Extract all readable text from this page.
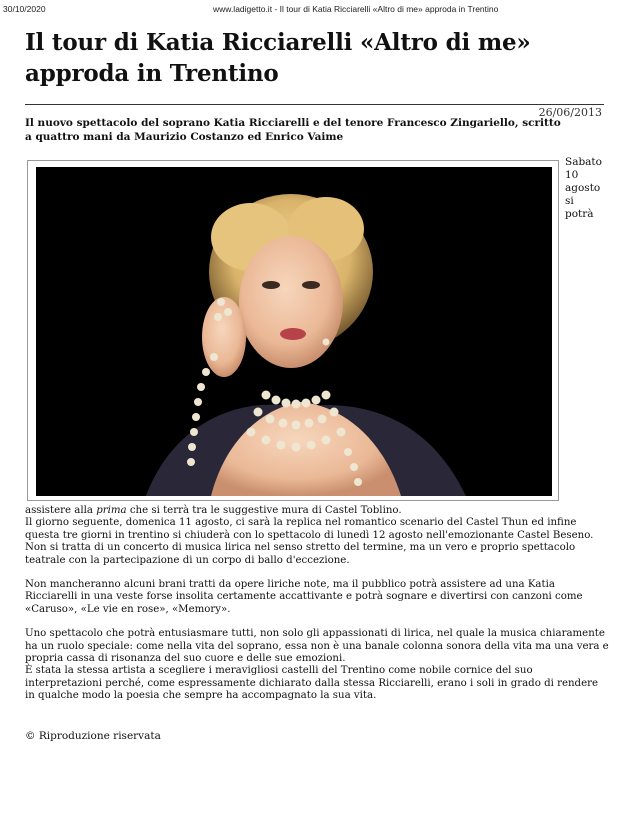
30/10/2020	www.ladigetto.it - Il tour di Katia Ricciarelli «Altro di me» approda in Trentino
Il tour di Katia Ricciarelli «Altro di me» approda in Trentino
26/06/2013

Il nuovo spettacolo del soprano Katia Ricciarelli e del tenore Francesco Zingariello, scritto a quattro mani da Maurizio Costanzo ed Enrico Vaime

Sabato
10
agosto
si
potrà

assistere alla prima che si terrà tra le suggestive mura di Castel Toblino.

Il giorno seguente, domenica 11 agosto, ci sarà la replica nel romantico scenario del Castel Thun ed infine questa tre giorni in trentino si chiuderà con lo spettacolo di lunedì 12 agosto nell'emozionante Castel Beseno.

Non si tratta di un concerto di musica lirica nel senso stretto del termine, ma un vero e proprio spettacolo teatrale con la partecipazione di un corpo di ballo d'eccezione.

Non mancheranno alcuni brani tratti da opere liriche note, ma il pubblico potrà assistere ad una Katia Ricciarelli in una veste forse insolita certamente accattivante e potrà sognare e divertirsi con canzoni come «Caruso», «Le vie en rose», «Memory».

Uno spettacolo che potrà entusiasmare tutti, non solo gli appassionati di lirica, nel quale la musica chiaramente ha un ruolo speciale: come nella vita del soprano, essa non è una banale colonna sonora della vita ma una vera e propria cassa di risonanza del suo cuore e delle sue emozioni.

È stata la stessa artista a scegliere i meravigliosi castelli del Trentino come nobile cornice del suo interpretazioni perché, come espressamente dichiarato dalla stessa Ricciarelli, erano i soli in grado di rendere in qualche modo la poesia che sempre ha accompagnato la sua vita.

© Riproduzione riservata
